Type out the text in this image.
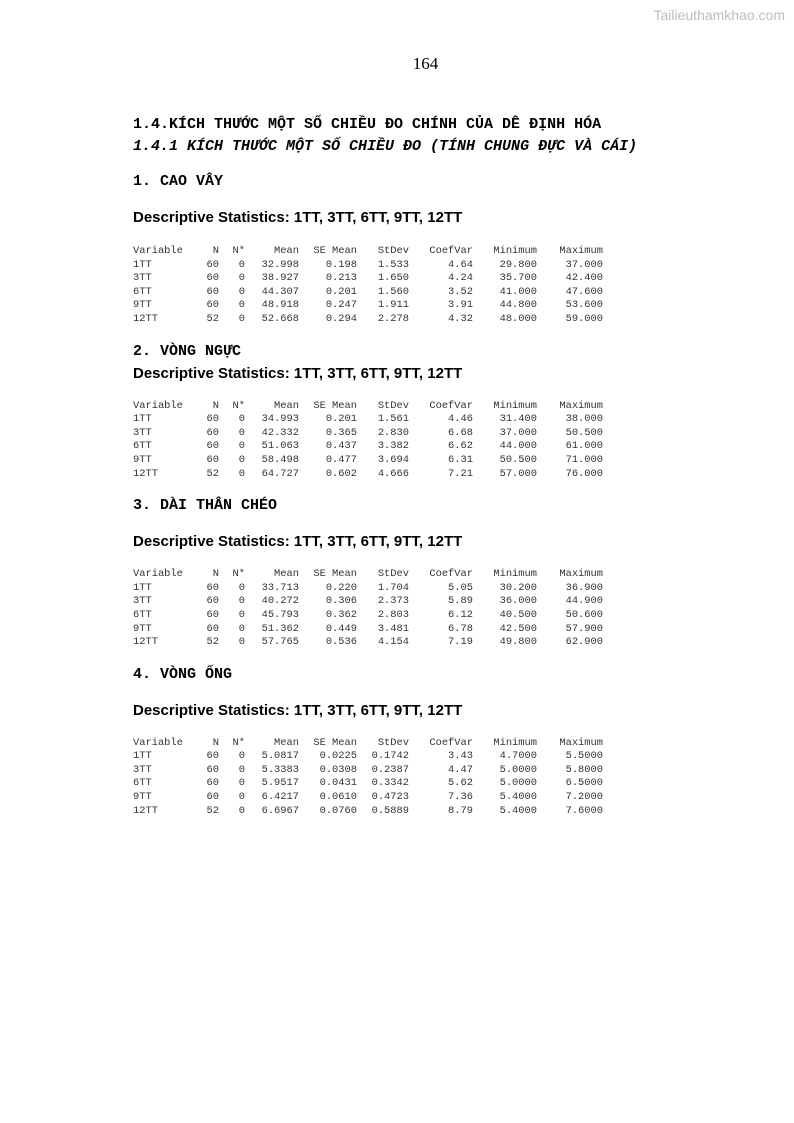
Tailieuthamkhao.com
164

1.4.KÍCH THƯỚC MỘT SỐ CHIỀU ĐO CHÍNH CỦA DÊ ĐỊNH HÓA

1.4.1 KÍCH THƯỚC MỘT SỐ CHIỀU ĐO (TÍNH CHUNG ĐỰC VÀ CÁI)

1. CAO VÂY

Descriptive Statistics: 1TT, 3TT, 6TT, 9TT, 12TT

Variable	N	N*	Mean	SE Mean	StDev	CoefVar	Minimum	Maximum
1TT	60	0	32.998	0.198	1.533	4.64	29.800	37.000
3TT	60	0	38.927	0.213	1.650	4.24	35.700	42.400
6TT	60	0	44.307	0.201	1.560	3.52	41.000	47.600
9TT	60	0	48.918	0.247	1.911	3.91	44.800	53.600
12TT	52	0	52.668	0.294	2.278	4.32	48.000	59.000

2. VÒNG NGỰC

Descriptive Statistics: 1TT, 3TT, 6TT, 9TT, 12TT

Variable	N	N*	Mean	SE Mean	StDev	CoefVar	Minimum	Maximum
1TT	60	0	34.993	0.201	1.561	4.46	31.400	38.000
3TT	60	0	42.332	0.365	2.830	6.68	37.000	50.500
6TT	60	0	51.063	0.437	3.382	6.62	44.000	61.000
9TT	60	0	58.498	0.477	3.694	6.31	50.500	71.000
12TT	52	0	64.727	0.602	4.666	7.21	57.000	76.000

3. DÀI THÂN CHÉO

Descriptive Statistics: 1TT, 3TT, 6TT, 9TT, 12TT

Variable	N	N*	Mean	SE Mean	StDev	CoefVar	Minimum	Maximum
1TT	60	0	33.713	0.220	1.704	5.05	30.200	36.900
3TT	60	0	40.272	0.306	2.373	5.89	36.000	44.900
6TT	60	0	45.793	0.362	2.803	6.12	40.500	50.600
9TT	60	0	51.362	0.449	3.481	6.78	42.500	57.900
12TT	52	0	57.765	0.536	4.154	7.19	49.800	62.900

4. VÒNG ỐNG

Descriptive Statistics: 1TT, 3TT, 6TT, 9TT, 12TT

Variable	N	N*	Mean	SE Mean	StDev	CoefVar	Minimum	Maximum
1TT	60	0	5.0817	0.0225	0.1742	3.43	4.7000	5.5000
3TT	60	0	5.3383	0.0308	0.2387	4.47	5.0000	5.8000
6TT	60	0	5.9517	0.0431	0.3342	5.62	5.0000	6.5000
9TT	60	0	6.4217	0.0610	0.4723	7.36	5.4000	7.2000
12TT	52	0	6.6967	0.0760	0.5889	8.79	5.4000	7.6000
